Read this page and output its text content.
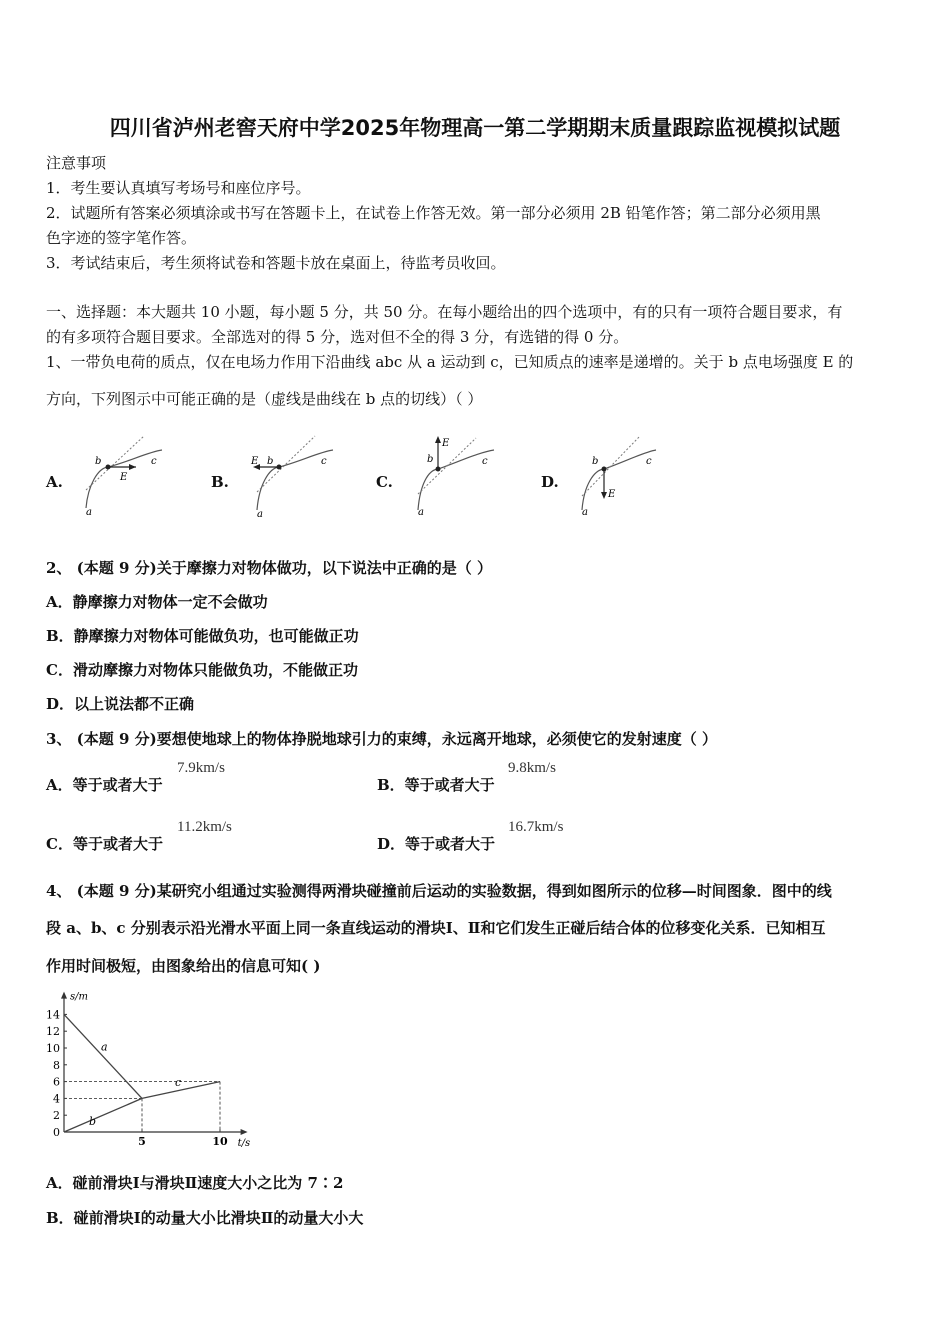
四川省泸州老窖天府中学2025年物理高一第二学期期末质量跟踪监视模拟试题
注意事项
1．考生要认真填写考场号和座位序号。
2．试题所有答案必须填涂或书写在答题卡上，在试卷上作答无效。第一部分必须用 2B 铅笔作答；第二部分必须用黑
色字迹的签字笔作答。
3．考试结束后，考生须将试卷和答题卡放在桌面上，待监考员收回。
一、选择题：本大题共 10 小题，每小题 5 分，共 50 分。在每小题给出的四个选项中，有的只有一项符合题目要求，有
的有多项符合题目要求。全部选对的得 5 分，选对但不全的得 3 分，有选错的得 0 分。
1、一带负电荷的质点，仅在电场力作用下沿曲线 abc 从 a 运动到 c，已知质点的速率是递增的。关于 b 点电场强度 E 的
方向，下列图示中可能正确的是（虚线是曲线在 b 点的切线）（ ）
A.	B.	C.	D.
b	c
E
a
E b	c
a
E
b	c
a
E
b	c
a
2、 (本题 9 分)关于摩擦力对物体做功，以下说法中正确的是（ ）
A．静摩擦力对物体一定不会做功
B．静摩擦力对物体可能做负功，也可能做正功
C．滑动摩擦力对物体只能做负功，不能做正功
D．以上说法都不正确
3、 (本题 9 分)要想使地球上的物体挣脱地球引力的束缚，永远离开地球，必须使它的发射速度（ ）
A．等于或者大于
7.9km/s
B．等于或者大于
9.8km/s
C．等于或者大于
11.2km/s
D．等于或者大于
16.7km/s
4、 (本题 9 分)某研究小组通过实验测得两滑块碰撞前后运动的实验数据，得到如图所示的位移—时间图象．图中的线
段 a、b、c 分别表示沿光滑水平面上同一条直线运动的滑块Ⅰ、Ⅱ和它们发生正碰后结合体的位移变化关系．已知相互
作用时间极短，由图象给出的信息可知( )
0
2
4
6
8
10
12
14
5	10
s/m
t/s
a
b
c
A．碰前滑块Ⅰ与滑块Ⅱ速度大小之比为 7∶2
B．碰前滑块Ⅰ的动量大小比滑块Ⅱ的动量大小大
